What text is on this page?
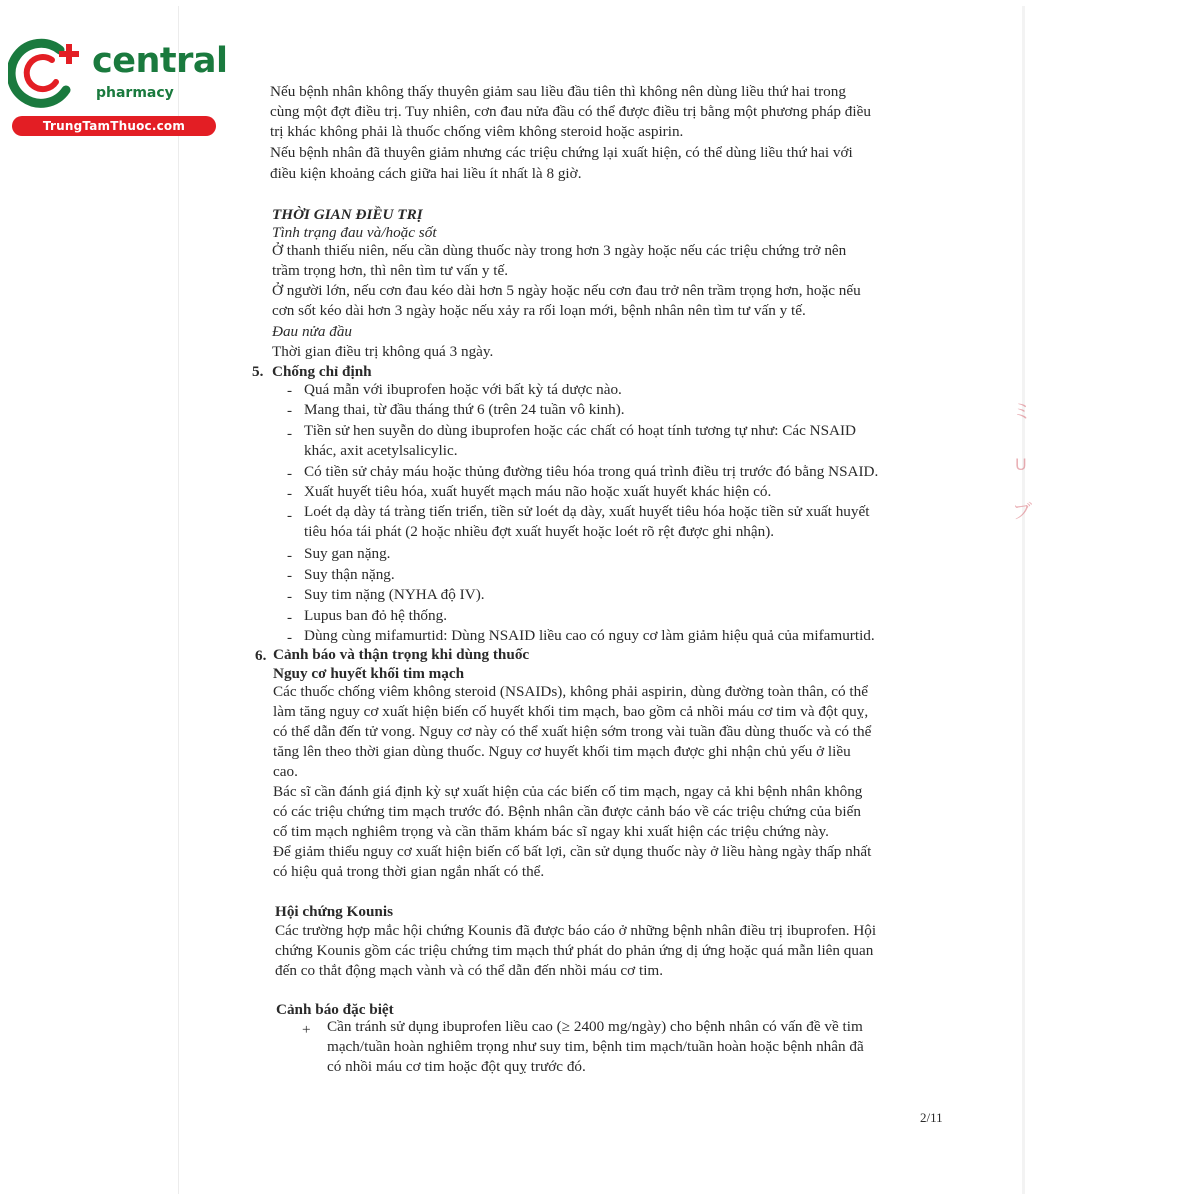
central
pharmacy
TrungTamThuoc.com
ミ
U
ブ
Nếu bệnh nhân không thấy thuyên giảm sau liều đầu tiên thì không nên dùng liều thứ hai trong
cùng một đợt điều trị. Tuy nhiên, cơn đau nửa đầu có thể được điều trị bằng một phương pháp điều
trị khác không phải là thuốc chống viêm không steroid hoặc aspirin.
Nếu bệnh nhân đã thuyên giảm nhưng các triệu chứng lại xuất hiện, có thể dùng liều thứ hai với
điều kiện khoảng cách giữa hai liều ít nhất là 8 giờ.
THỜI GIAN ĐIỀU TRỊ
Tình trạng đau và/hoặc sốt
Ở thanh thiếu niên, nếu cần dùng thuốc này trong hơn 3 ngày hoặc nếu các triệu chứng trở nên
trầm trọng hơn, thì nên tìm tư vấn y tế.
Ở người lớn, nếu cơn đau kéo dài hơn 5 ngày hoặc nếu cơn đau trở nên trầm trọng hơn, hoặc nếu
cơn sốt kéo dài hơn 3 ngày hoặc nếu xảy ra rối loạn mới, bệnh nhân nên tìm tư vấn y tế.
Đau nửa đầu
Thời gian điều trị không quá 3 ngày.
5. Chống chỉ định
- Quá mẫn với ibuprofen hoặc với bất kỳ tá dược nào.
- Mang thai, từ đầu tháng thứ 6 (trên 24 tuần vô kinh).
- Tiền sử hen suyễn do dùng ibuprofen hoặc các chất có hoạt tính tương tự như: Các NSAID
khác, axit acetylsalicylic.
- Có tiền sử chảy máu hoặc thủng đường tiêu hóa trong quá trình điều trị trước đó bằng NSAID.
- Xuất huyết tiêu hóa, xuất huyết mạch máu não hoặc xuất huyết khác hiện có.
- Loét dạ dày tá tràng tiến triển, tiền sử loét dạ dày, xuất huyết tiêu hóa hoặc tiền sử xuất huyết
tiêu hóa tái phát (2 hoặc nhiều đợt xuất huyết hoặc loét rõ rệt được ghi nhận).
- Suy gan nặng.
- Suy thận nặng.
- Suy tim nặng (NYHA độ IV).
- Lupus ban đỏ hệ thống.
- Dùng cùng mifamurtid: Dùng NSAID liều cao có nguy cơ làm giảm hiệu quả của mifamurtid.
6. Cảnh báo và thận trọng khi dùng thuốc
Nguy cơ huyết khối tim mạch
Các thuốc chống viêm không steroid (NSAIDs), không phải aspirin, dùng đường toàn thân, có thể
làm tăng nguy cơ xuất hiện biến cố huyết khối tim mạch, bao gồm cả nhồi máu cơ tim và đột quỵ,
có thể dẫn đến tử vong. Nguy cơ này có thể xuất hiện sớm trong vài tuần đầu dùng thuốc và có thể
tăng lên theo thời gian dùng thuốc. Nguy cơ huyết khối tim mạch được ghi nhận chủ yếu ở liều
cao.
Bác sĩ cần đánh giá định kỳ sự xuất hiện của các biến cố tim mạch, ngay cả khi bệnh nhân không
có các triệu chứng tim mạch trước đó. Bệnh nhân cần được cảnh báo về các triệu chứng của biến
cố tim mạch nghiêm trọng và cần thăm khám bác sĩ ngay khi xuất hiện các triệu chứng này.
Để giảm thiểu nguy cơ xuất hiện biến cố bất lợi, cần sử dụng thuốc này ở liều hàng ngày thấp nhất
có hiệu quả trong thời gian ngắn nhất có thể.
Hội chứng Kounis
Các trường hợp mắc hội chứng Kounis đã được báo cáo ở những bệnh nhân điều trị ibuprofen. Hội
chứng Kounis gồm các triệu chứng tim mạch thứ phát do phản ứng dị ứng hoặc quá mẫn liên quan
đến co thắt động mạch vành và có thể dẫn đến nhồi máu cơ tim.
Cảnh báo đặc biệt
+ Cần tránh sử dụng ibuprofen liều cao (≥ 2400 mg/ngày) cho bệnh nhân có vấn đề về tim
mạch/tuần hoàn nghiêm trọng như suy tim, bệnh tim mạch/tuần hoàn hoặc bệnh nhân đã
có nhồi máu cơ tim hoặc đột quỵ trước đó.
2/11
